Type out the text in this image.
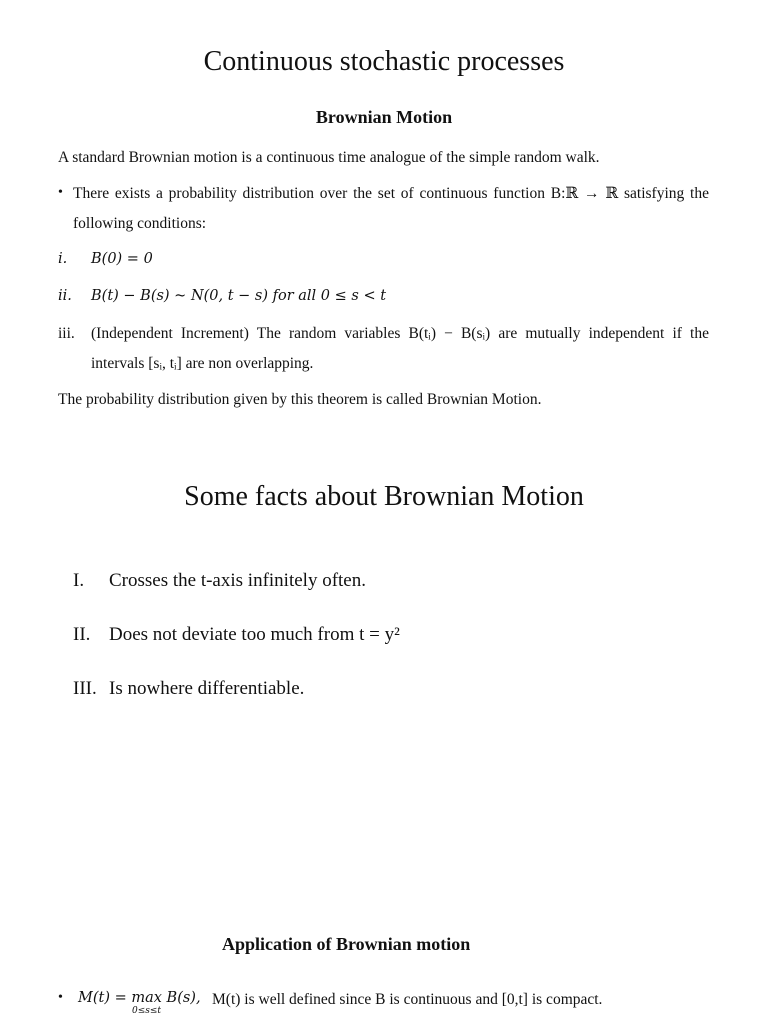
Continuous stochastic processes
Brownian Motion
A standard Brownian motion is a continuous time analogue of the simple random walk.
• There exists a probability distribution over the set of continuous function B:ℝ → ℝ satisfying the
following conditions:
i. B(0) = 0
ii. B(t) − B(s) ~ N(0, t − s) for all 0 ≤ s < t
iii. (Independent Increment) The random variables B(tᵢ) − B(sᵢ) are mutually independent if the
intervals [sᵢ, tᵢ] are non overlapping.
The probability distribution given by this theorem is called Brownian Motion.
Some facts about Brownian Motion
I. Crosses the t-axis infinitely often.
II. Does not deviate too much from t = y²
III. Is nowhere differentiable.
Application of Brownian motion
• M(t) = max B(s),
0≤s≤t
M(t) is well defined since B is continuous and [0,t] is compact.
